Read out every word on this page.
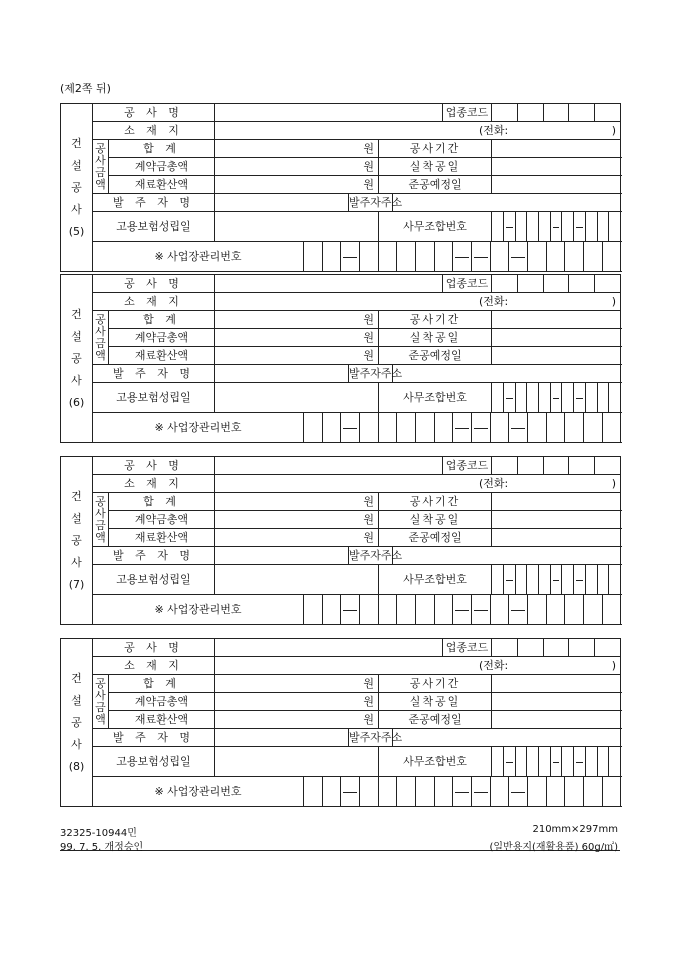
(제2쪽 뒤)
건
설
공
사
(5)	공 사 명							업종코드	

	소 재 지		(전화: )						

	공
사
금
액	합 계	원			공사기간			
		계약금총액	원			실착공일			
		재료환산액	원			준공예정일			
	발 주 자 명				발주자주소				
	고용보험성립일					사무조합번호			

	※ 사업장관리번호								
건
설
공
사
(6)	공 사 명							업종코드	

	소 재 지		(전화: )						

	공
사
금
액	합 계	원			공사기간			
		계약금총액	원			실착공일			
		재료환산액	원			준공예정일			
	발 주 자 명				발주자주소				
	고용보험성립일					사무조합번호			

	※ 사업장관리번호								
건
설
공
사
(7)	공 사 명							업종코드	

	소 재 지		(전화: )						

	공
사
금
액	합 계	원			공사기간			
		계약금총액	원			실착공일			
		재료환산액	원			준공예정일			
	발 주 자 명				발주자주소				
	고용보험성립일					사무조합번호			

	※ 사업장관리번호								
건
설
공
사
(8)	공 사 명							업종코드	

	소 재 지		(전화: )						

	공
사
금
액	합 계	원			공사기간			
		계약금총액	원			실착공일			
		재료환산액	원			준공예정일			
	발 주 자 명				발주자주소				
	고용보험성립일					사무조합번호			

	※ 사업장관리번호								
32325-10944민
99. 7. 5. 개정승인
210mm×297mm
(일반용지(재활용품) 60g/㎡)
